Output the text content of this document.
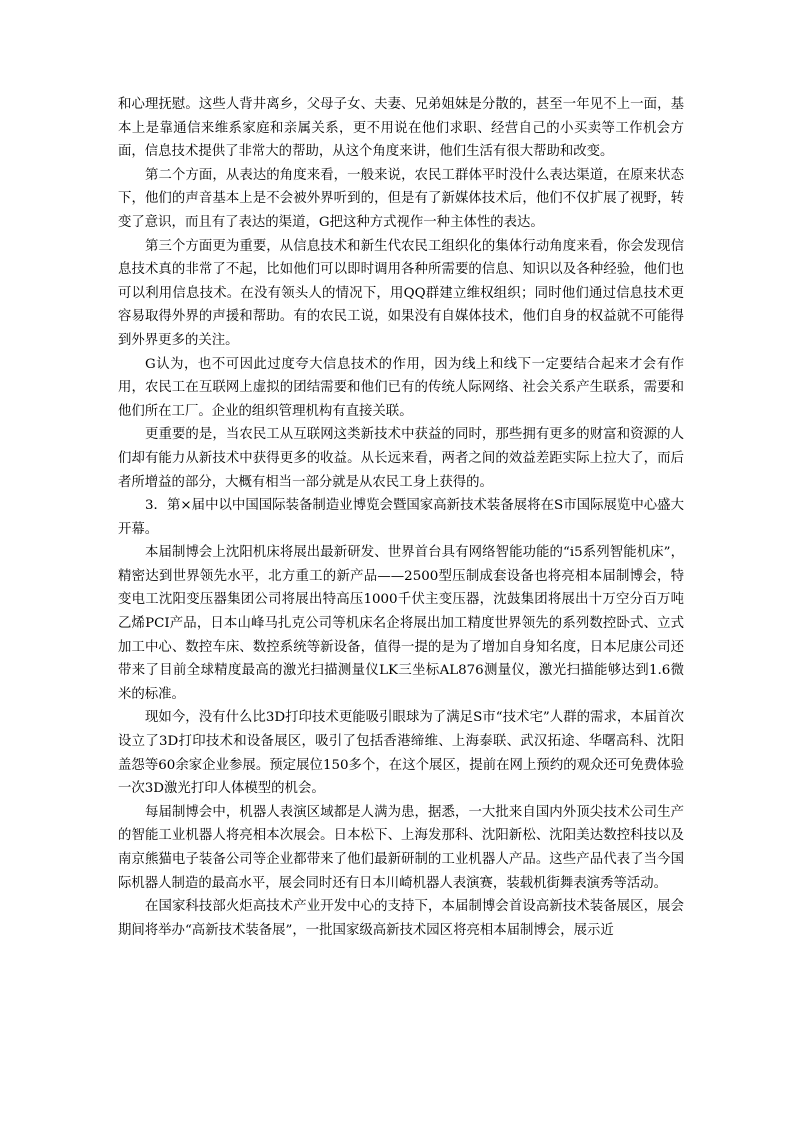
和心理抚慰。这些人背井离乡，父母子女、夫妻、兄弟姐妹是分散的，甚至一年见不上一面，基本上是靠通信来维系家庭和亲属关系，更不用说在他们求职、经营自己的小买卖等工作机会方面，信息技术提供了非常大的帮助，从这个角度来讲，他们生活有很大帮助和改变。

第二个方面，从表达的角度来看，一般来说，农民工群体平时没什么表达渠道，在原来状态下，他们的声音基本上是不会被外界听到的，但是有了新媒体技术后，他们不仅扩展了视野，转变了意识，而且有了表达的渠道，G把这种方式视作一种主体性的表达。

第三个方面更为重要，从信息技术和新生代农民工组织化的集体行动角度来看，你会发现信息技术真的非常了不起，比如他们可以即时调用各种所需要的信息、知识以及各种经验，他们也可以利用信息技术。在没有领头人的情况下，用QQ群建立维权组织；同时他们通过信息技术更容易取得外界的声援和帮助。有的农民工说，如果没有自媒体技术，他们自身的权益就不可能得到外界更多的关注。

G认为，也不可因此过度夸大信息技术的作用，因为线上和线下一定要结合起来才会有作用，农民工在互联网上虚拟的团结需要和他们已有的传统人际网络、社会关系产生联系，需要和他们所在工厂。企业的组织管理机构有直接关联。

更重要的是，当农民工从互联网这类新技术中获益的同时，那些拥有更多的财富和资源的人们却有能力从新技术中获得更多的收益。从长远来看，两者之间的效益差距实际上拉大了，而后者所增益的部分，大概有相当一部分就是从农民工身上获得的。

3．第×届中以中国国际装备制造业博览会暨国家高新技术装备展将在S市国际展览中心盛大开幕。

本届制博会上沈阳机床将展出最新研发、世界首台具有网络智能功能的“i5系列智能机床”，精密达到世界领先水平，北方重工的新产品——2500型压制成套设备也将亮相本届制博会，特变电工沈阳变压器集团公司将展出特高压1000千伏主变压器，沈鼓集团将展出十万空分百万吨乙烯PCI产品，日本山峰马扎克公司等机床名企将展出加工精度世界领先的系列数控卧式、立式加工中心、数控车床、数控系统等新设备，值得一提的是为了增加自身知名度，日本尼康公司还带来了目前全球精度最高的激光扫描测量仪LK三坐标AL876测量仪，激光扫描能够达到1.6微米的标准。

现如今，没有什么比3D打印技术更能吸引眼球为了满足S市“技术宅”人群的需求，本届首次设立了3D打印技术和设备展区，吸引了包括香港缔维、上海泰联、武汉拓途、华曙高科、沈阳盖怨等60余家企业参展。预定展位150多个，在这个展区，提前在网上预约的观众还可免费体验一次3D激光打印人体模型的机会。

每届制博会中，机器人表演区域都是人满为患，据悉，一大批来自国内外顶尖技术公司生产的智能工业机器人将亮相本次展会。日本松下、上海发那科、沈阳新松、沈阳美达数控科技以及南京熊猫电子装备公司等企业都带来了他们最新研制的工业机器人产品。这些产品代表了当今国际机器人制造的最高水平，展会同时还有日本川崎机器人表演赛，装载机街舞表演秀等活动。

在国家科技部火炬高技术产业开发中心的支持下，本届制博会首设高新技术装备展区，展会期间将举办“高新技术装备展”，一批国家级高新技术园区将亮相本届制博会，展示近
